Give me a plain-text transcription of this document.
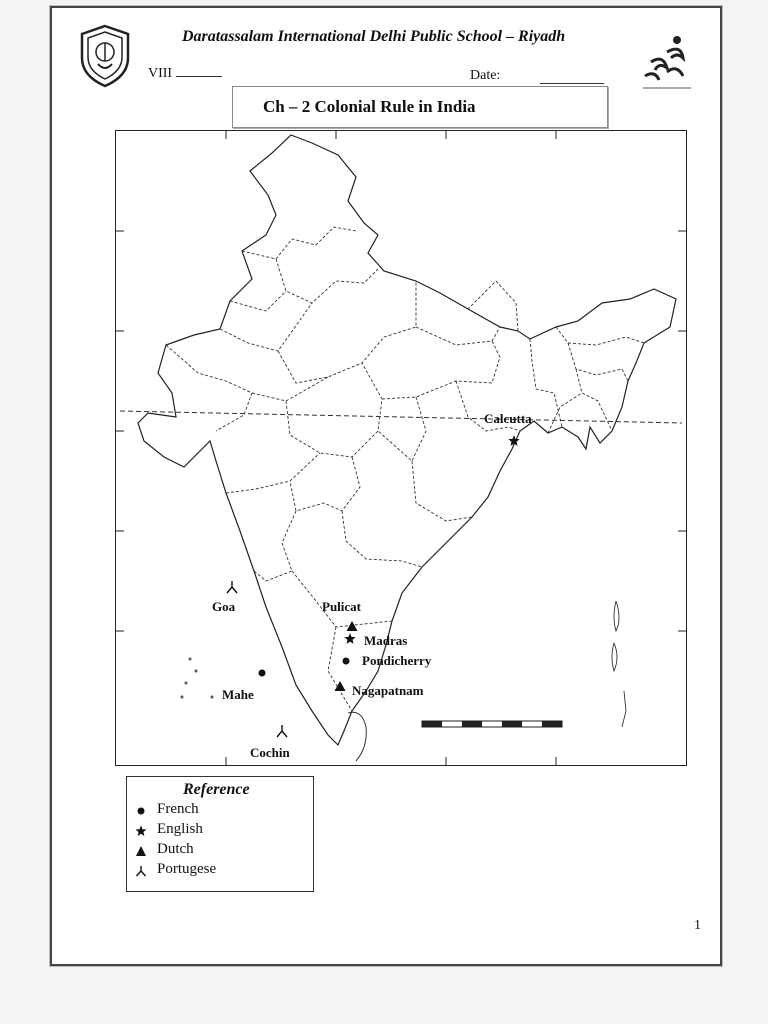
Daratassalam International Delhi Public School – Riyadh
VIII	Date:
Ch – 2 Colonial Rule in India
Calcutta
Goa	Pulicat
Madras
Pondicherry
Nagapatnam
Mahe
Cochin
Reference
French
English
Dutch
Portugese
1
